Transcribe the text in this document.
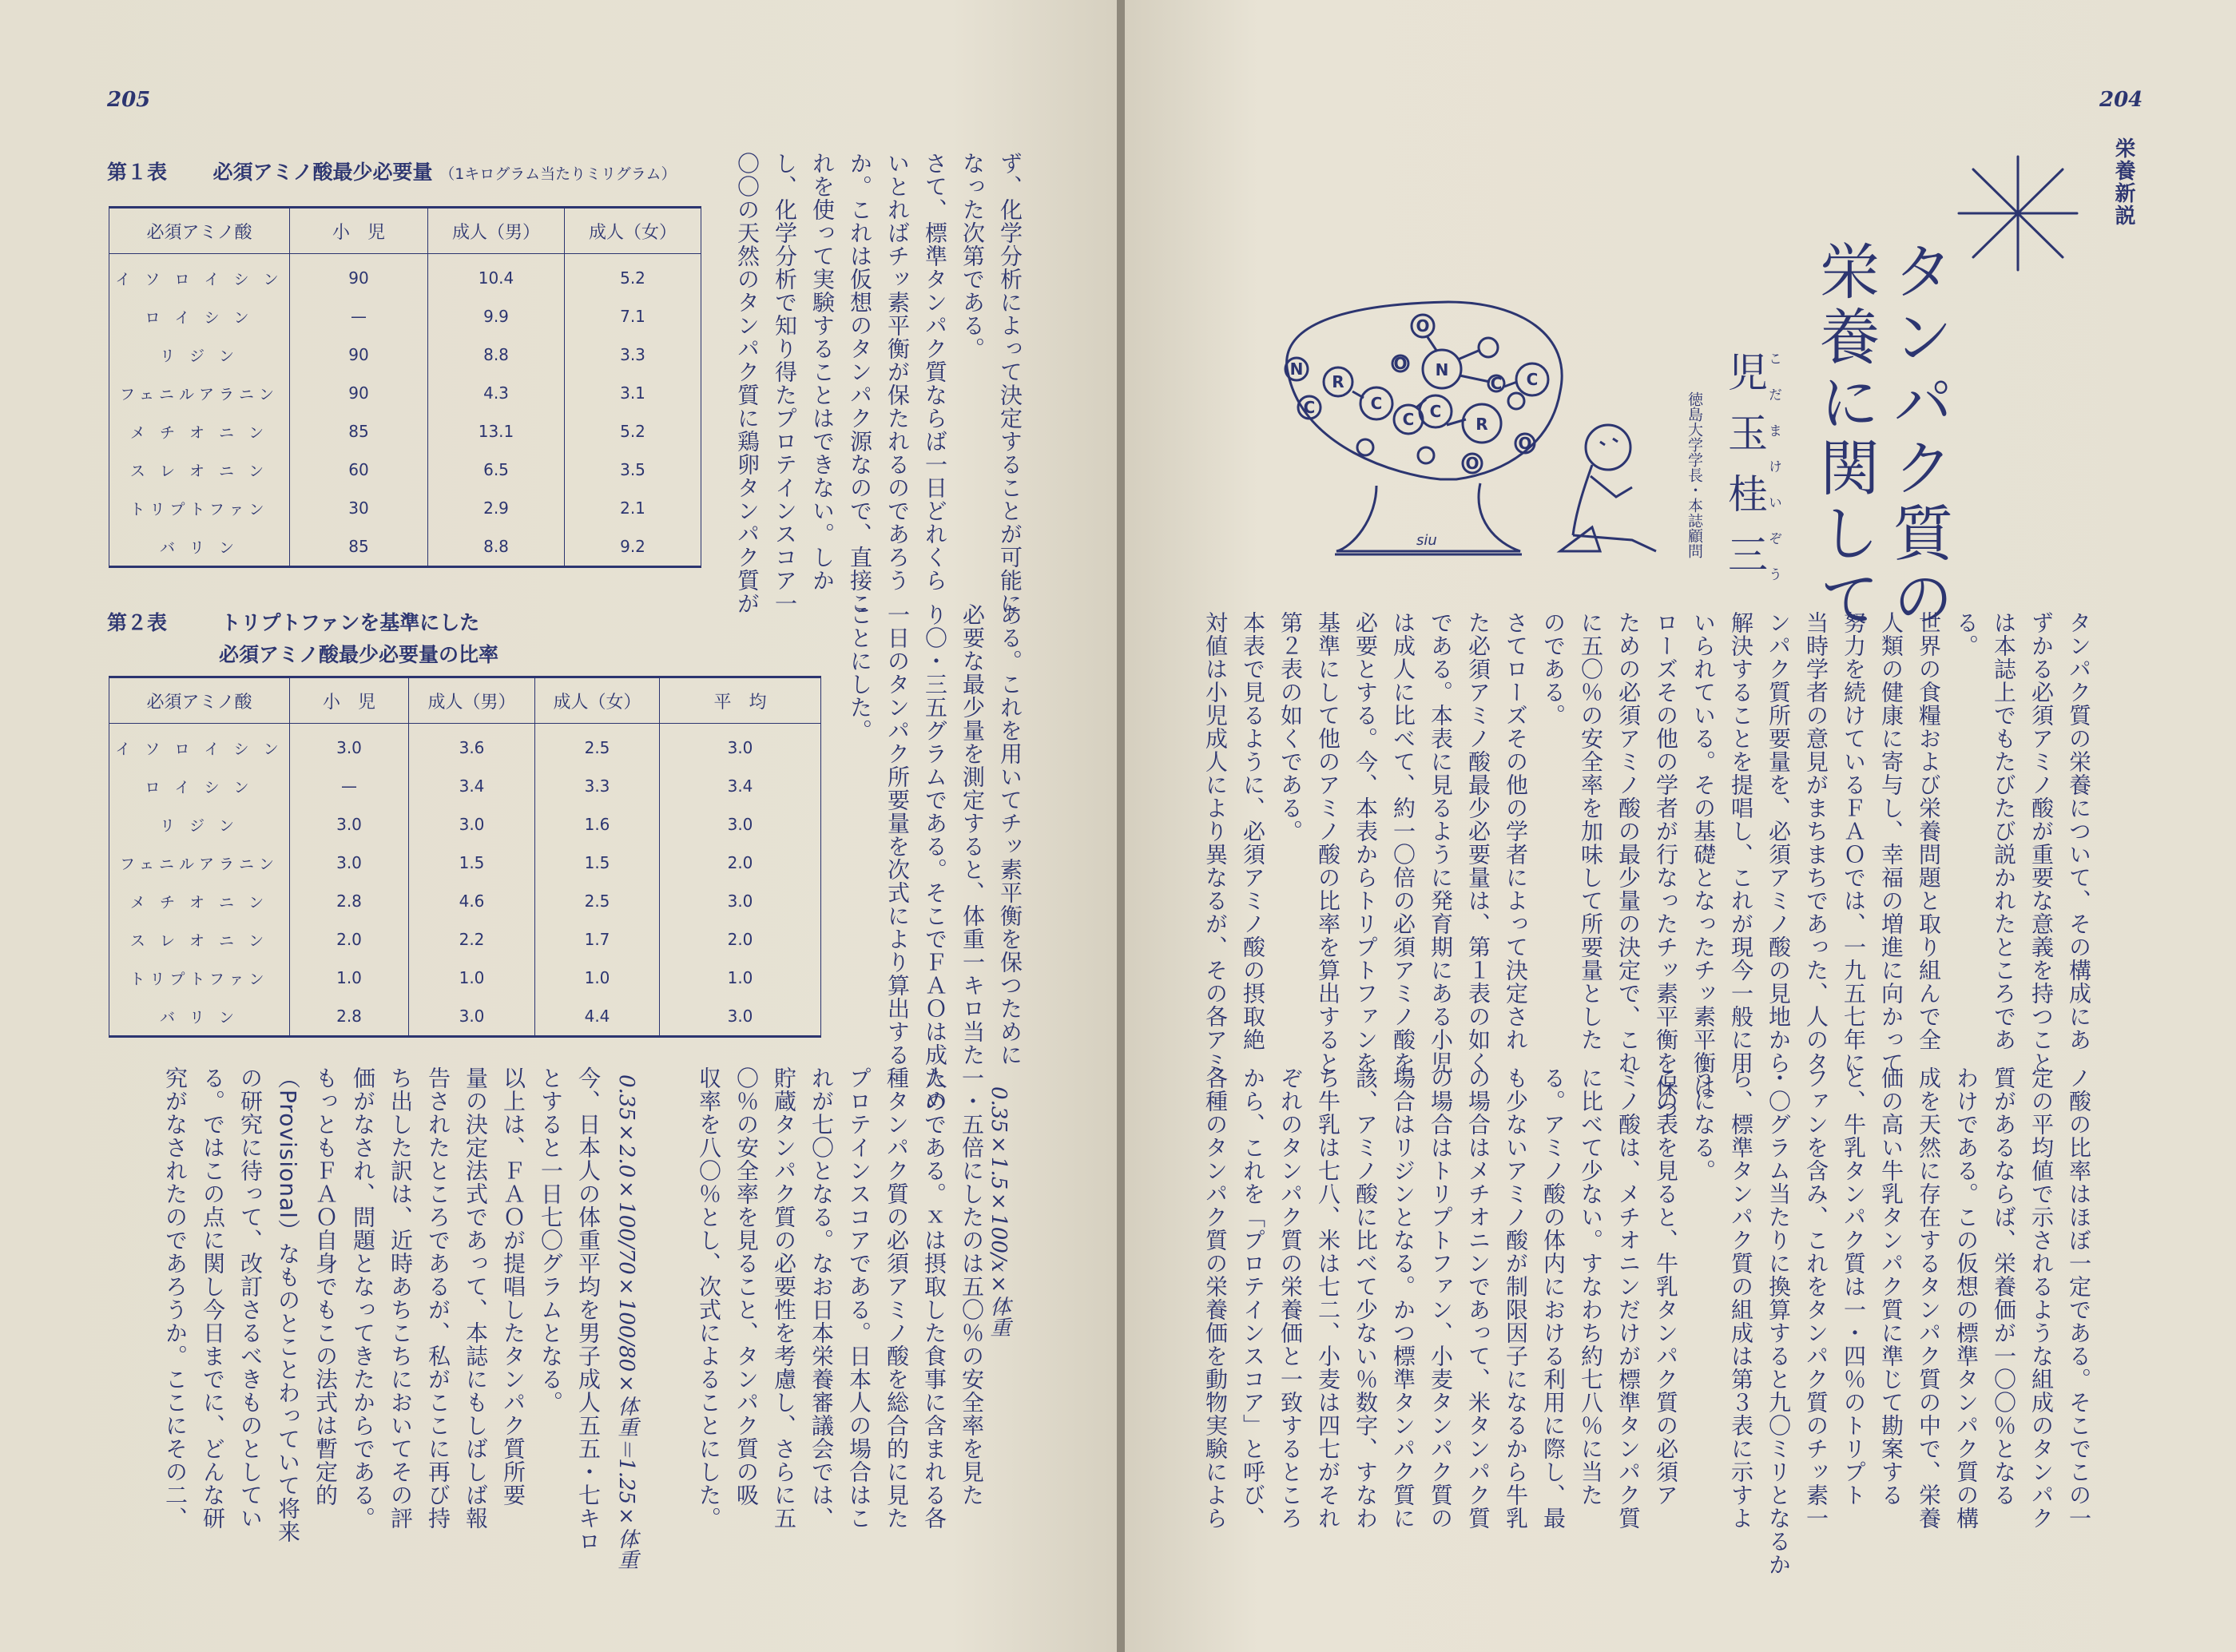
205
第１表 必須アミノ酸最少必要量 （1キログラム当たりミリグラム）
必須アミノ酸	小　児	成人（男）	成人（女）
イ ソ ロ イ シ ン	90	10.4	5.2
ロ イ シ ン	—	9.9	7.1
リ ジ ン	90	8.8	3.3
フェニルアラニン	90	4.3	3.1
メ チ オ ニ ン	85	13.1	5.2
ス レ オ ニ ン	60	6.5	3.5
トリプトファン	30	2.9	2.1
バ リ ン	85	8.8	9.2
第２表	トリプトファンを基準にした
必須アミノ酸最少必要量の比率
必須アミノ酸	小　児	成人（男）	成人（女）	平　均
イ ソ ロ イ シ ン	3.0	3.6	2.5	3.0
ロ イ シ ン	—	3.4	3.3	3.4
リ ジ ン	3.0	3.0	1.6	3.0
フェニルアラニン	3.0	1.5	1.5	2.0
メ チ オ ニ ン	2.8	4.6	2.5	3.0
ス レ オ ニ ン	2.0	2.2	1.7	2.0
トリプトファン	1.0	1.0	1.0	1.0
バ リ ン	2.8	3.0	4.4	3.0
ず、化学分析によって決定することが可能に
なった次第である。
さて、標準タンパク質ならば一日どれくら
いとればチッ素平衡が保たれるのであろう
か。これは仮想のタンパク源なので、直接こ
れを使って実験することはできない。しか
し、化学分析で知り得たプロテインスコア一
〇〇の天然のタンパク質に鶏卵タンパク質が
ある。これを用いてチッ素平衡を保つために
必要な最少量を測定すると、体重一キロ当た
り〇・三五グラムである。そこでＦＡＯは成人の
一日のタンパク所要量を次式により算出する
ことにした。
一・五倍にしたのは五〇％の安全率を見た
ためである。ｘは摂取した食事に含まれる各
種タンパク質の必須アミノ酸を総合的に見た
プロテインスコアである。日本人の場合はこ
れが七〇となる。なお日本栄養審議会では、
貯蔵タンパク質の必要性を考慮し、さらに五
〇％の安全率を見ること、タンパク質の吸
収率を八〇％とし、次式によることにした。	0.35×1.5×100/x×体重
0.35×2.0×100/70×100/80×体重＝1.25×体重
今、日本人の体重平均を男子成人五五・七キロ
とすると一日七〇グラムとなる。
以上は、ＦＡＯが提唱したタンパク質所要
量の決定法式であって、本誌にもしばしば報
告されたところであるが、私がここに再び持
ち出した訳は、近時あちこちにおいてその評
価がなされ、問題となってきたからである。
もっともＦＡＯ自身でもこの法式は暫定的
（Provisional）なものとことわっていて将来
の研究に待って、改訂さるべきものとしてい
る。ではこの点に関し今日までに、どんな研
究がなされたのであろうか。ここにその二、
204
栄養新説
タンパク質の
栄養に関して
児玉桂三
こだまけいぞう
徳島大学学長・本誌顧問
N
C
R
C
C
N
C
R
O
C
O
C
O
O
siu
タンパク質の栄養について、その構成にあ
ずかる必須アミノ酸が重要な意義を持つこと
は本誌上でもたびたび説かれたところであ
る。
世界の食糧および栄養問題と取り組んで全
人類の健康に寄与し、幸福の増進に向かって
努力を続けているＦＡＯでは、一九五七年に
当時学者の意見がまちまちであった、人のタ
ンパク質所要量を、必須アミノ酸の見地から
解決することを提唱し、これが現今一般に用
いられている。その基礎となったチッ素平衡は
ローズその他の学者が行なったチッ素平衡を保つ
ための必須アミノ酸の最少量の決定で、これ
に五〇％の安全率を加味して所要量とした
のである。
さてローズその他の学者によって決定され
た必須アミノ酸最少必要量は、第１表の如く
である。本表に見るように発育期にある小児
は成人に比べて、約一〇倍の必須アミノ酸を
必要とする。今、本表からトリプトファンを
基準にして他のアミノ酸の比率を算出すると
第２表の如くである。
本表で見るように、必須アミノ酸の摂取絶
対値は小児成人により異なるが、その各アミ
ノ酸の比率はほぼ一定である。そこでこの一
定の平均値で示されるような組成のタンパク
質があるならば、栄養価が一〇〇％となる
わけである。この仮想の標準タンパク質の構
成を天然に存在するタンパク質の中で、栄養
価の高い牛乳タンパク質に準じて勘案する
と、牛乳タンパク質は一・四％のトリプト
ファンを含み、これをタンパク質のチッ素一
・〇グラム当たりに換算すると九〇ミリとなるか
ら、標準タンパク質の組成は第３表に示すよ
うになる。
この表を見ると、牛乳タンパク質の必須ア
ミノ酸は、メチオニンだけが標準タンパク質
に比べて少ない。すなわち約七八％に当た
る。アミノ酸の体内における利用に際し、最
も少ないアミノ酸が制限因子になるから牛乳
の場合はメチオニンであって、米タンパク質
の場合はトリプトファン、小麦タンパク質の
場合はリジンとなる。かつ標準タンパク質に
該、アミノ酸に比べて少ない％数字、すなわ
ち牛乳は七八、米は七二、小麦は四七がそれ
ぞれのタンパク質の栄養価と一致するところ
から、これを「プロテインスコア」と呼び、
各種のタンパク質の栄養価を動物実験によら
